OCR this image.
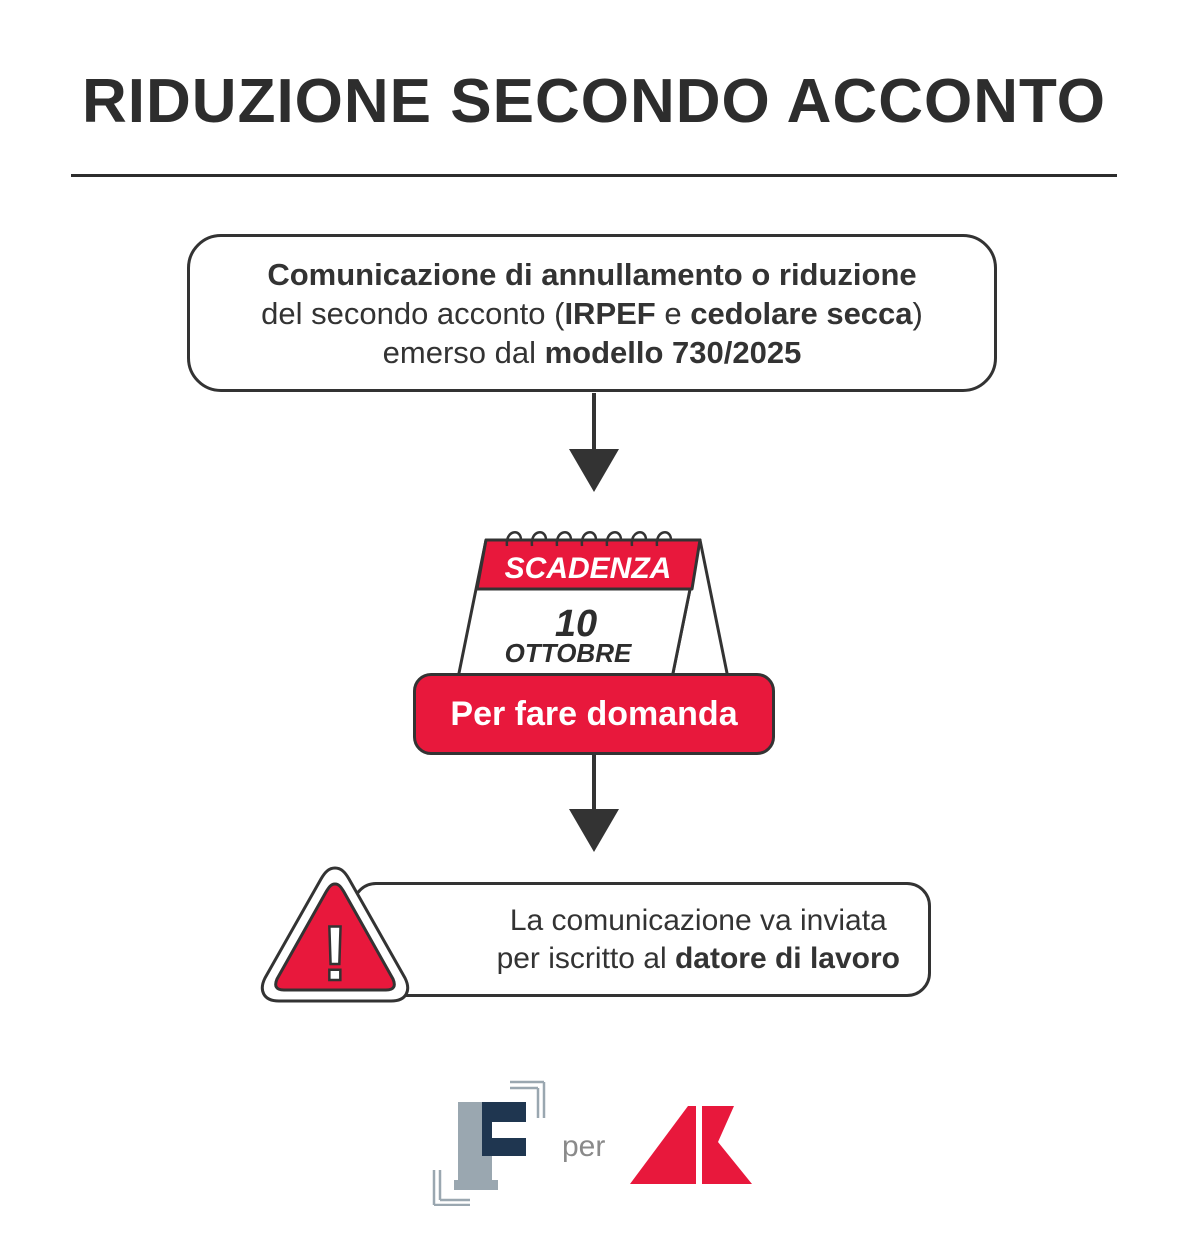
RIDUZIONE SECONDO ACCONTO
Comunicazione di annullamento o riduzione
del secondo acconto (IRPEF e cedolare secca)
emerso dal modello 730/2025
SCADENZA
10
OTTOBRE
Per fare domanda
La comunicazione va inviata
per iscritto al datore di lavoro
!
per
